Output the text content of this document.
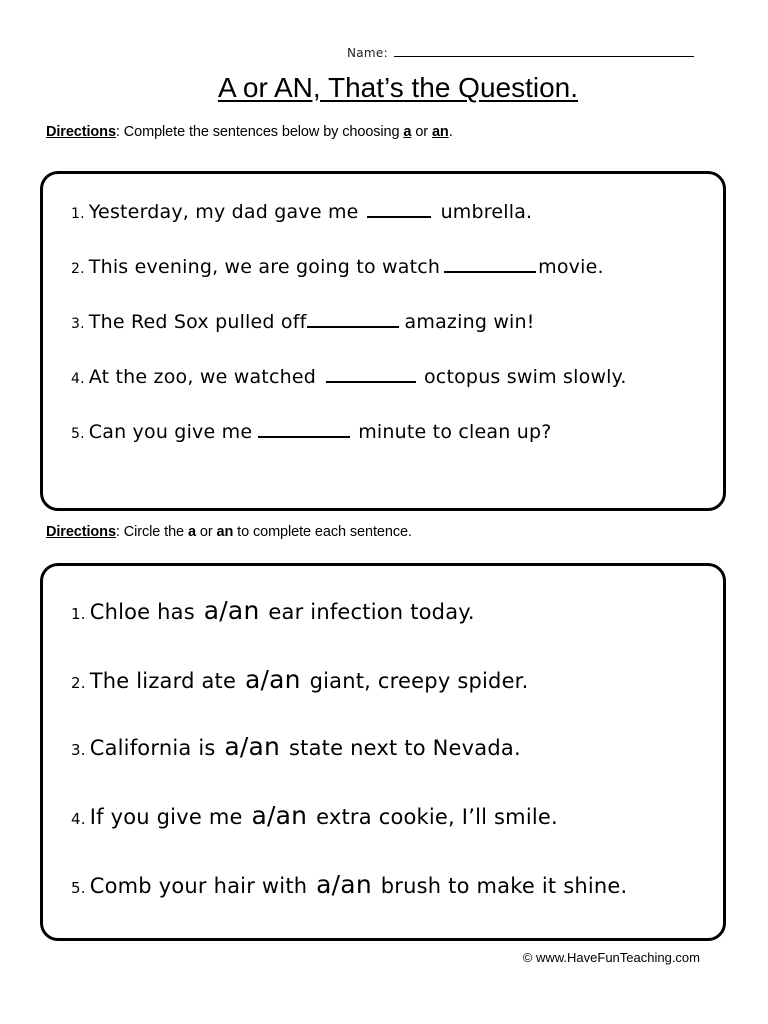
Name:
A or AN, That’s the Question.
Directions: Complete the sentences below by choosing a or an.
1. Yesterday, my dad gave me	umbrella.
2. This evening, we are going to watch	movie.
3. The Red Sox pulled off	amazing win!
4. At the zoo, we watched	octopus swim slowly.
5. Can you give me	minute to clean up?
Directions: Circle the a or an to complete each sentence.
1. Chloe has a/an ear infection today.
2. The lizard ate a/an giant, creepy spider.
3. California is a/an state next to Nevada.
4. If you give me a/an extra cookie, I’ll smile.
5. Comb your hair with a/an brush to make it shine.
© www.HaveFunTeaching.com
